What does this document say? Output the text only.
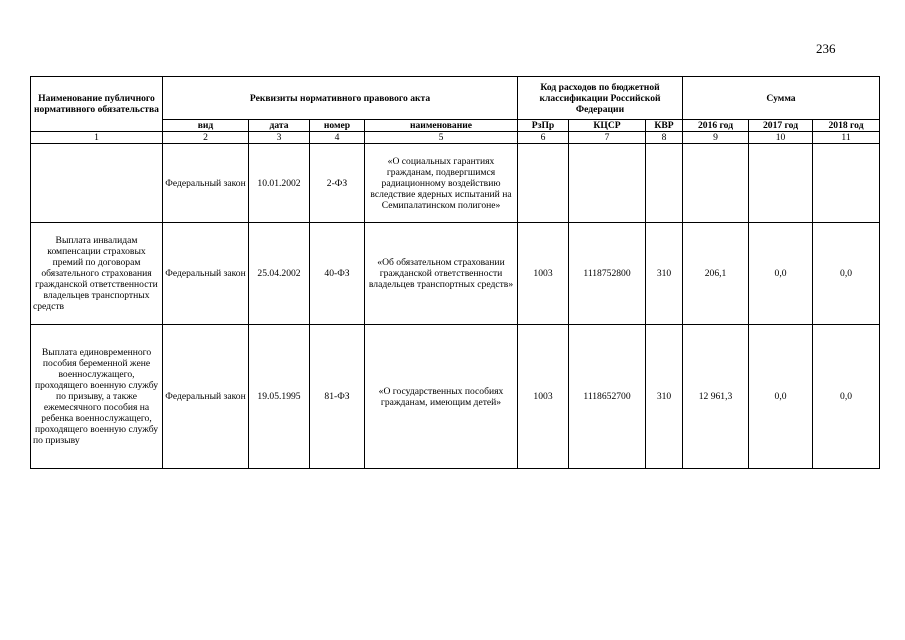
236
Наименование публичного нормативного обязательства	Реквизиты нормативного правового акта				Код расходов по бюджетной классификации Российской Федерации			Сумма		
	вид	дата	номер	наименование	РзПр	КЦСР	КВР	2016 год	2017 год	2018 год
1	2	3	4	5	6	7	8	9	10	11
	Федеральный закон	10.01.2002	2-ФЗ	«О социальных гарантиях гражданам, подвергшимся радиационному воздействию вследствие ядерных испытаний на Семипалатинском полигоне»						
Выплата инвалидам компенсации страховых премий по договорам обязательного страхования гражданской ответственности владельцев транспортных средств	Федеральный закон	25.04.2002	40-ФЗ	«Об обязательном страховании гражданской ответственности владельцев транспортных средств»	1003	1118752800	310	206,1	0,0	0,0
Выплата единовременного пособия беременной жене военнослужащего, проходящего военную службу по призыву, а также ежемесячного пособия на ребенка военнослужащего, проходящего военную службу по призыву	Федеральный закон	19.05.1995	81-ФЗ	«О государственных пособиях гражданам, имеющим детей»	1003	1118652700	310	12 961,3	0,0	0,0
